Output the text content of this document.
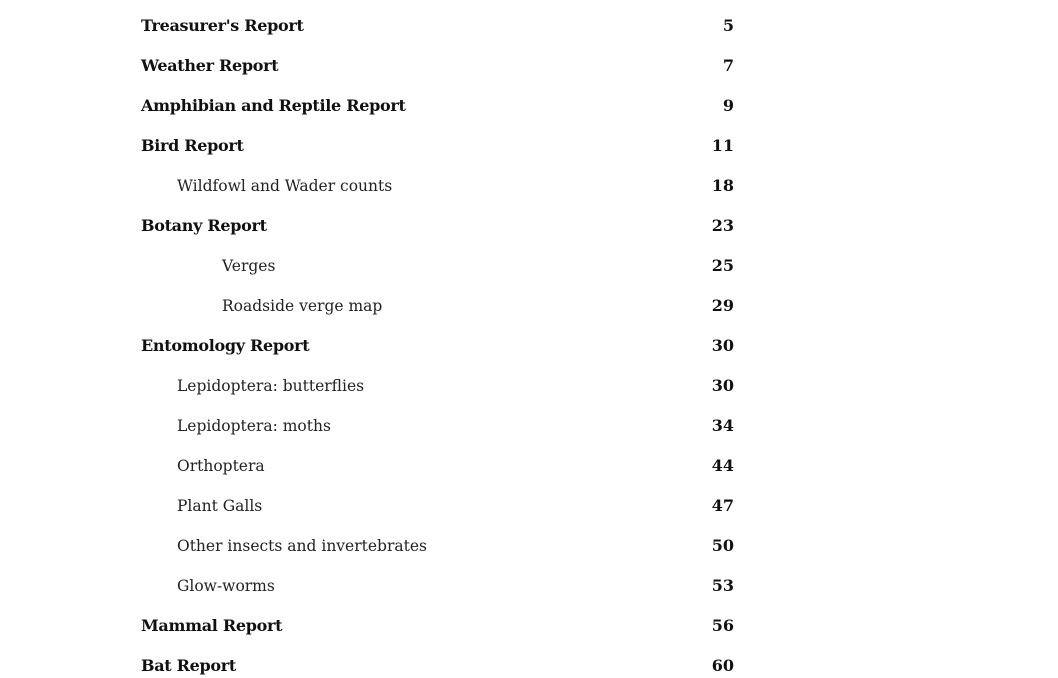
Treasurer's Report	5
Weather Report	7
Amphibian and Reptile Report	9
Bird Report	11
Wildfowl and Wader counts	18
Botany Report	23
Verges	25
Roadside verge map	29
Entomology Report	30
Lepidoptera: butterflies	30
Lepidoptera: moths	34
Orthoptera	44
Plant Galls	47
Other insects and invertebrates	50
Glow-worms	53
Mammal Report	56
Bat Report	60
